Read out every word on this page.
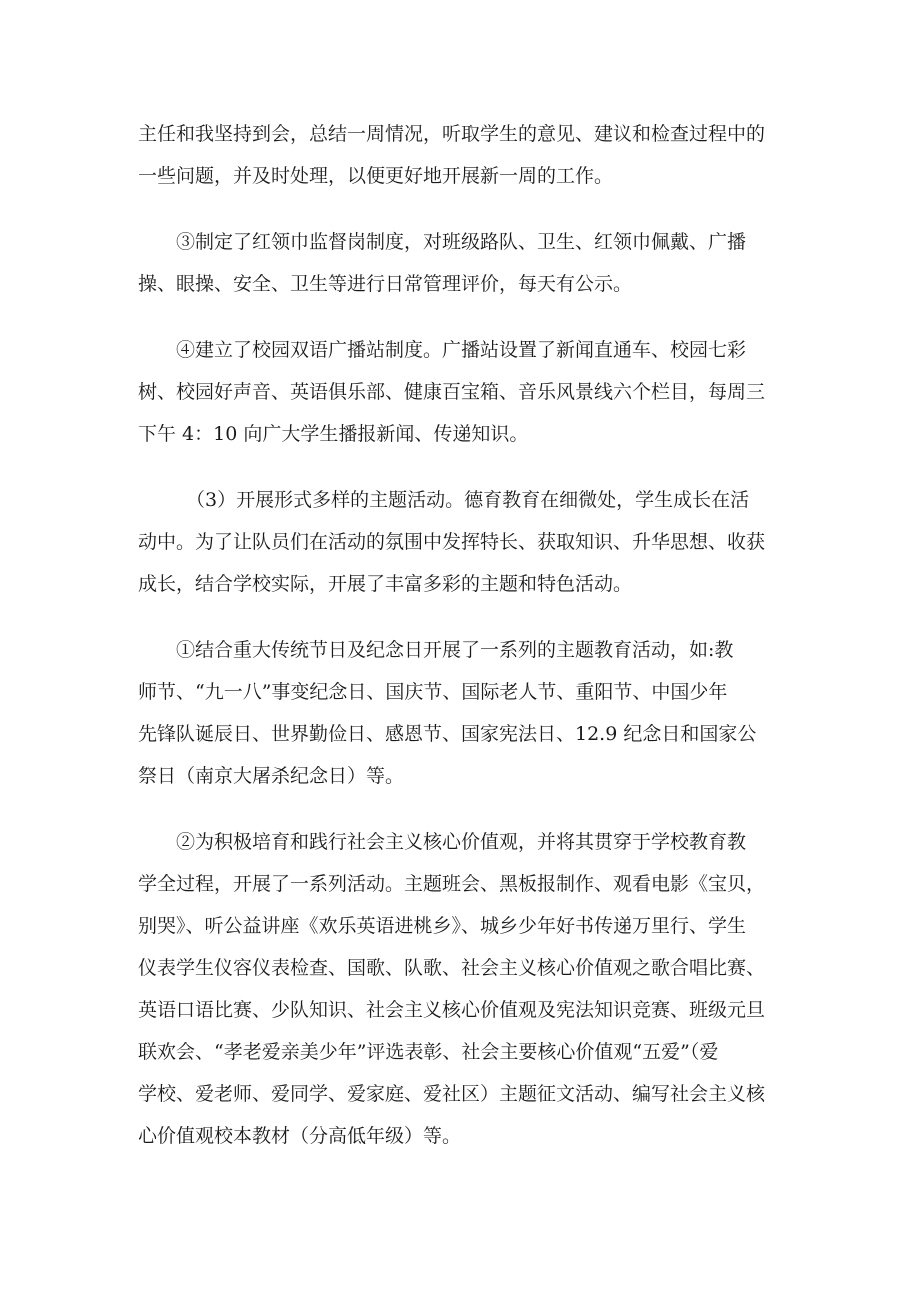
主任和我坚持到会，总结一周情况，听取学生的意见、建议和检查过程中的
一些问题，并及时处理，以便更好地开展新一周的工作。

③制定了红领巾监督岗制度，对班级路队、卫生、红领巾佩戴、广播
操、眼操、安全、卫生等进行日常管理评价，每天有公示。

④建立了校园双语广播站制度。广播站设置了新闻直通车、校园七彩
树、校园好声音、英语俱乐部、健康百宝箱、音乐风景线六个栏目，每周三
下午 4：10 向广大学生播报新闻、传递知识。

（3）开展形式多样的主题活动。德育教育在细微处，学生成长在活
动中。为了让队员们在活动的氛围中发挥特长、获取知识、升华思想、收获
成长，结合学校实际，开展了丰富多彩的主题和特色活动。

①结合重大传统节日及纪念日开展了一系列的主题教育活动，如:教
师节、“九一八”事变纪念日、国庆节、国际老人节、重阳节、中国少年
先锋队诞辰日、世界勤俭日、感恩节、国家宪法日、12.9 纪念日和国家公
祭日（南京大屠杀纪念日）等。

②为积极培育和践行社会主义核心价值观，并将其贯穿于学校教育教
学全过程，开展了一系列活动。主题班会、黑板报制作、观看电影《宝贝，
别哭》、听公益讲座《欢乐英语进桃乡》、城乡少年好书传递万里行、学生
仪表学生仪容仪表检查、国歌、队歌、社会主义核心价值观之歌合唱比赛、
英语口语比赛、少队知识、社会主义核心价值观及宪法知识竞赛、班级元旦
联欢会、“孝老爱亲美少年”评选表彰、社会主要核心价值观“五爱”（爱
学校、爱老师、爱同学、爱家庭、爱社区）主题征文活动、编写社会主义核
心价值观校本教材（分高低年级）等。
